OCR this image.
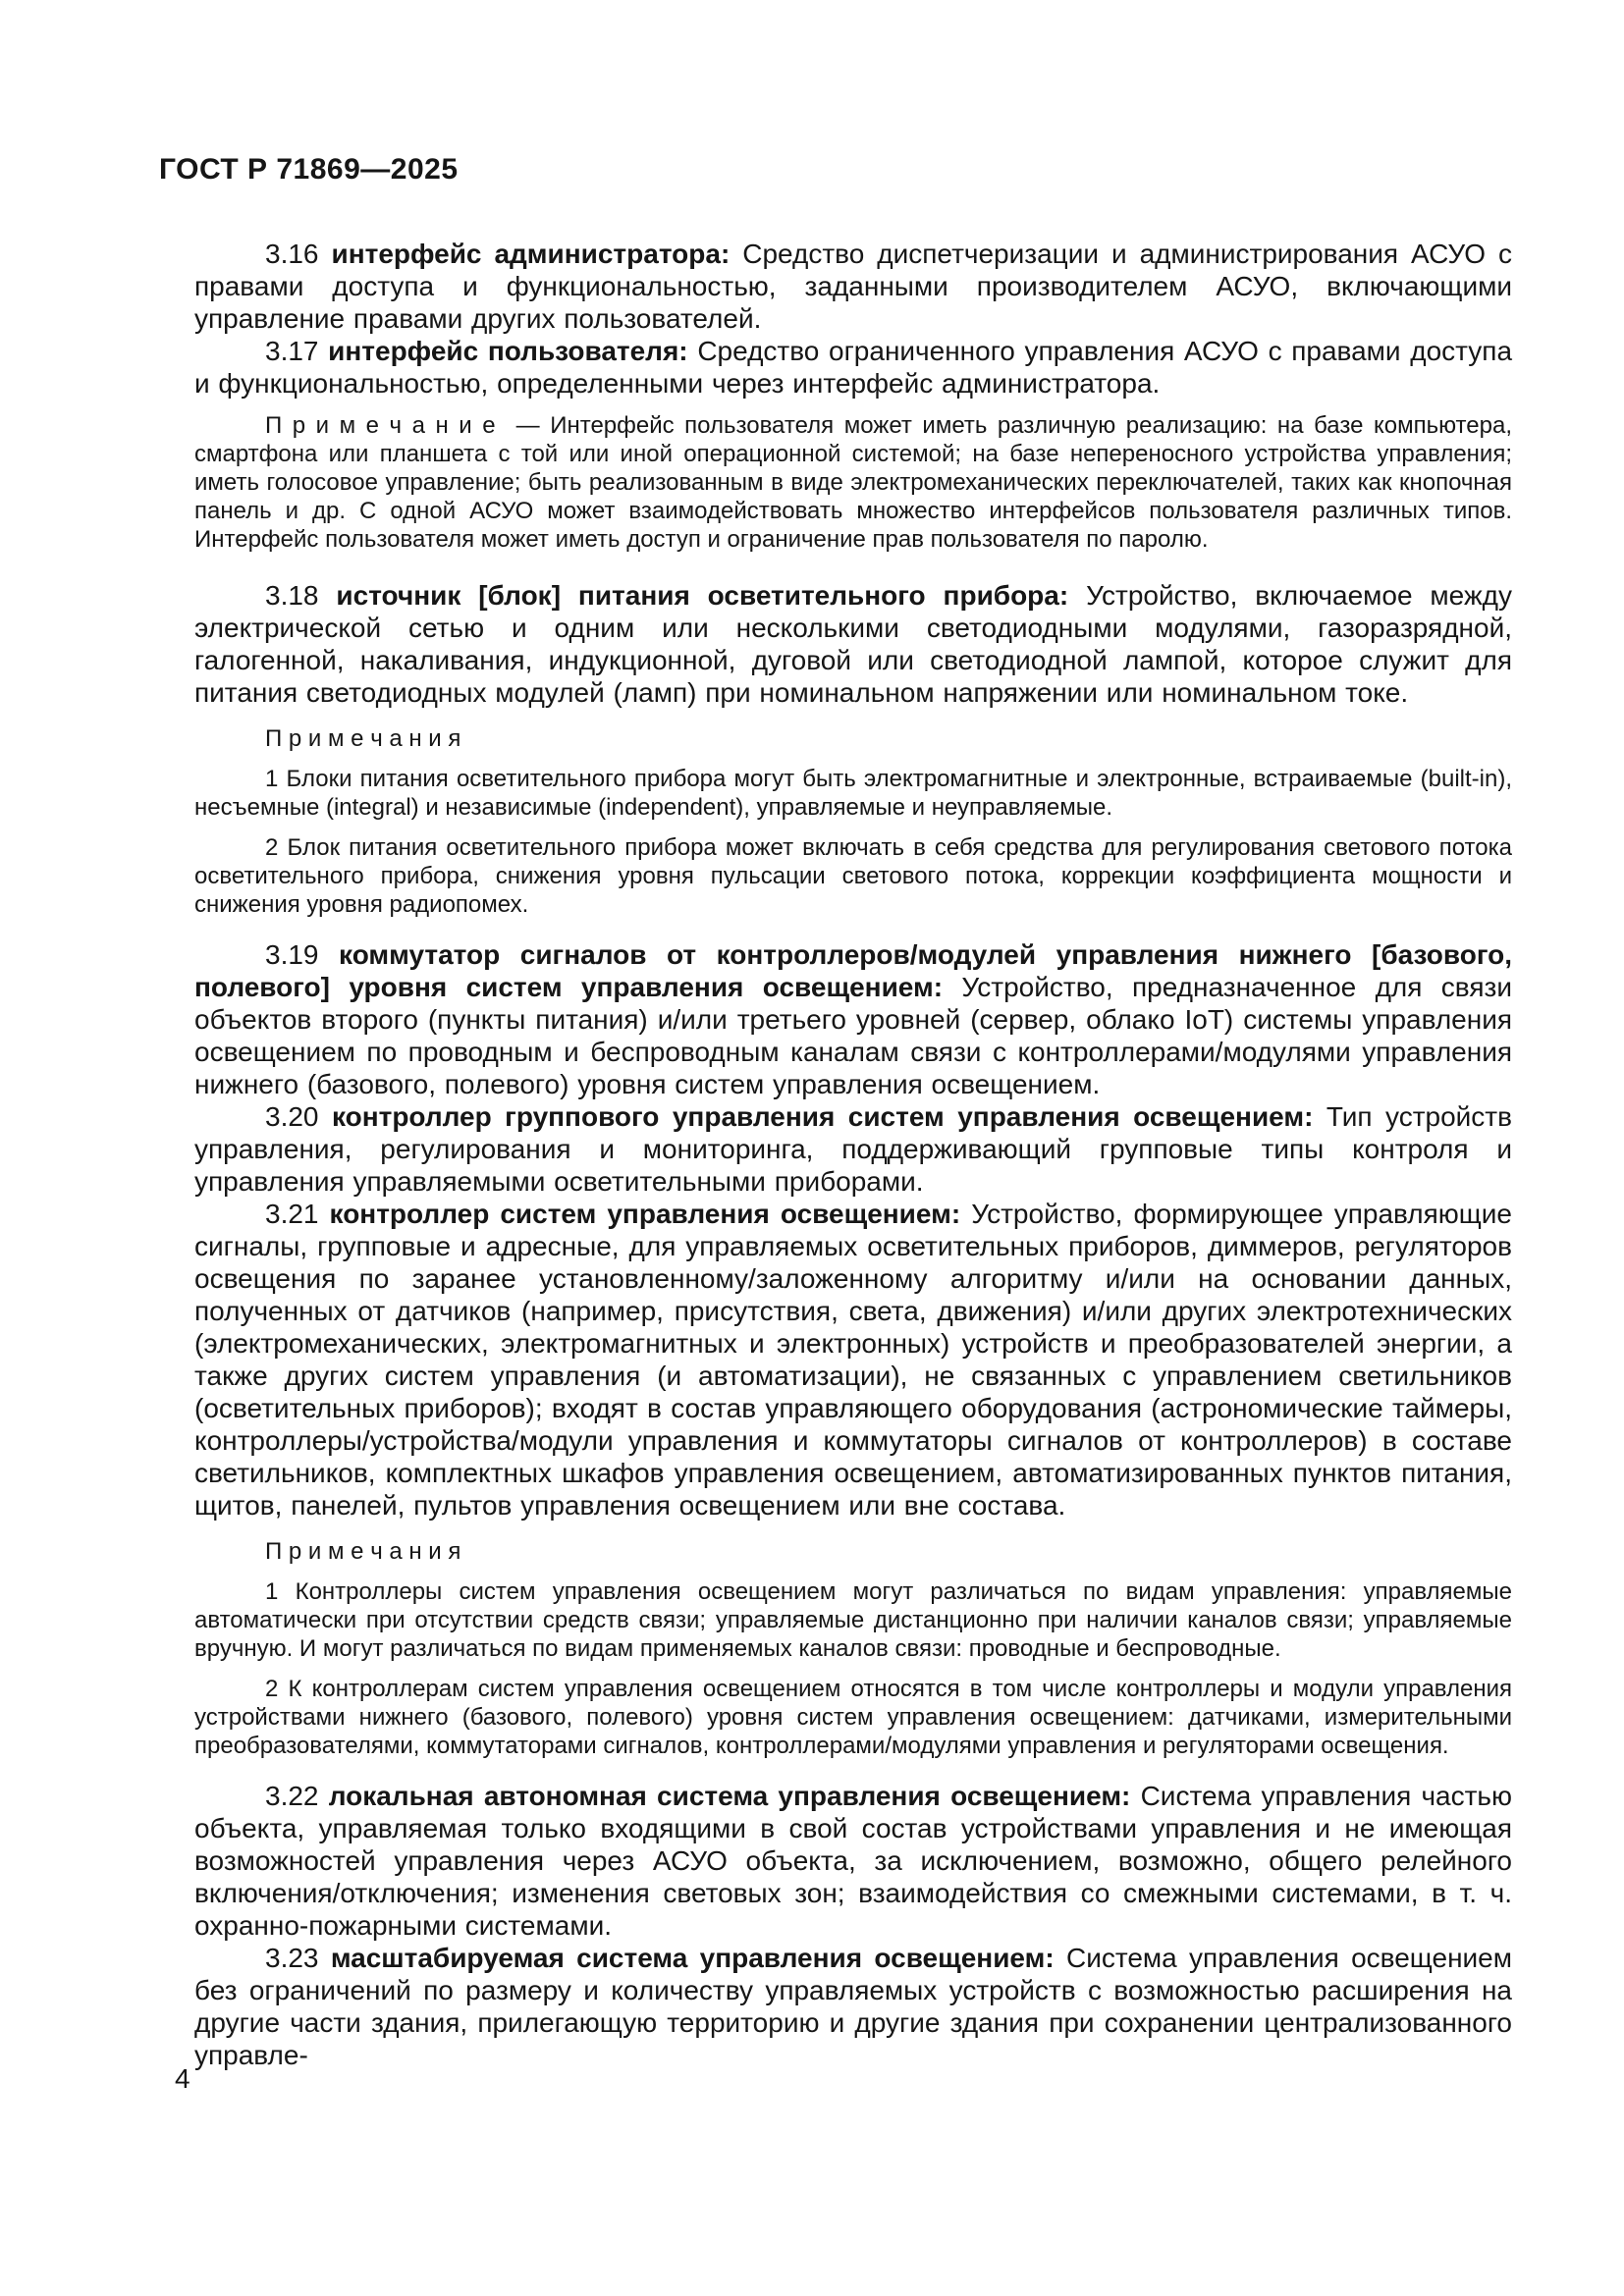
ГОСТ Р 71869—2025

3.16 интерфейс администратора: Средство диспетчеризации и администрирования АСУО с правами доступа и функциональностью, заданными производителем АСУО, включающими управление правами других пользователей.

3.17 интерфейс пользователя: Средство ограниченного управления АСУО с правами доступа и функциональностью, определенными через интерфейс администратора.

П р и м е ч а н и е — Интерфейс пользователя может иметь различную реализацию: на базе компьютера, смартфона или планшета с той или иной операционной системой; на базе непереносного устройства управления; иметь голосовое управление; быть реализованным в виде электромеханических переключателей, таких как кнопочная панель и др. С одной АСУО может взаимодействовать множество интерфейсов пользователя различных типов. Интерфейс пользователя может иметь доступ и ограничение прав пользователя по паролю.

3.18 источник [блок] питания осветительного прибора: Устройство, включаемое между электрической сетью и одним или несколькими светодиодными модулями, газоразрядной, галогенной, накаливания, индукционной, дуговой или светодиодной лампой, которое служит для питания светодиодных модулей (ламп) при номинальном напряжении или номинальном токе.

П р и м е ч а н и я

1 Блоки питания осветительного прибора могут быть электромагнитные и электронные, встраиваемые (built-in), несъемные (integral) и независимые (independent), управляемые и неуправляемые.

2 Блок питания осветительного прибора может включать в себя средства для регулирования светового потока осветительного прибора, снижения уровня пульсации светового потока, коррекции коэффициента мощности и снижения уровня радиопомех.

3.19 коммутатор сигналов от контроллеров/модулей управления нижнего [базового, полевого] уровня систем управления освещением: Устройство, предназначенное для связи объектов второго (пункты питания) и/или третьего уровней (сервер, облако IoT) системы управления освещением по проводным и беспроводным каналам связи с контроллерами/модулями управления нижнего (базового, полевого) уровня систем управления освещением.

3.20 контроллер группового управления систем управления освещением: Тип устройств управления, регулирования и мониторинга, поддерживающий групповые типы контроля и управления управляемыми осветительными приборами.

3.21 контроллер систем управления освещением: Устройство, формирующее управляющие сигналы, групповые и адресные, для управляемых осветительных приборов, диммеров, регуляторов освещения по заранее установленному/заложенному алгоритму и/или на основании данных, полученных от датчиков (например, присутствия, света, движения) и/или других электротехнических (электромеханических, электромагнитных и электронных) устройств и преобразователей энергии, а также других систем управления (и автоматизации), не связанных с управлением светильников (осветительных приборов); входят в состав управляющего оборудования (астрономические таймеры, контроллеры/устройства/модули управления и коммутаторы сигналов от контроллеров) в составе светильников, комплектных шкафов управления освещением, автоматизированных пунктов питания, щитов, панелей, пультов управления освещением или вне состава.

П р и м е ч а н и я

1 Контроллеры систем управления освещением могут различаться по видам управления: управляемые автоматически при отсутствии средств связи; управляемые дистанционно при наличии каналов связи; управляемые вручную. И могут различаться по видам применяемых каналов связи: проводные и беспроводные.

2 К контроллерам систем управления освещением относятся в том числе контроллеры и модули управления устройствами нижнего (базового, полевого) уровня систем управления освещением: датчиками, измерительными преобразователями, коммутаторами сигналов, контроллерами/модулями управления и регуляторами освещения.

3.22 локальная автономная система управления освещением: Система управления частью объекта, управляемая только входящими в свой состав устройствами управления и не имеющая возможностей управления через АСУО объекта, за исключением, возможно, общего релейного включения/отключения; изменения световых зон; взаимодействия со смежными системами, в т. ч. охранно-пожарными системами.

3.23 масштабируемая система управления освещением: Система управления освещением без ограничений по размеру и количеству управляемых устройств с возможностью расширения на другие части здания, прилегающую территорию и другие здания при сохранении централизованного управле-

4
